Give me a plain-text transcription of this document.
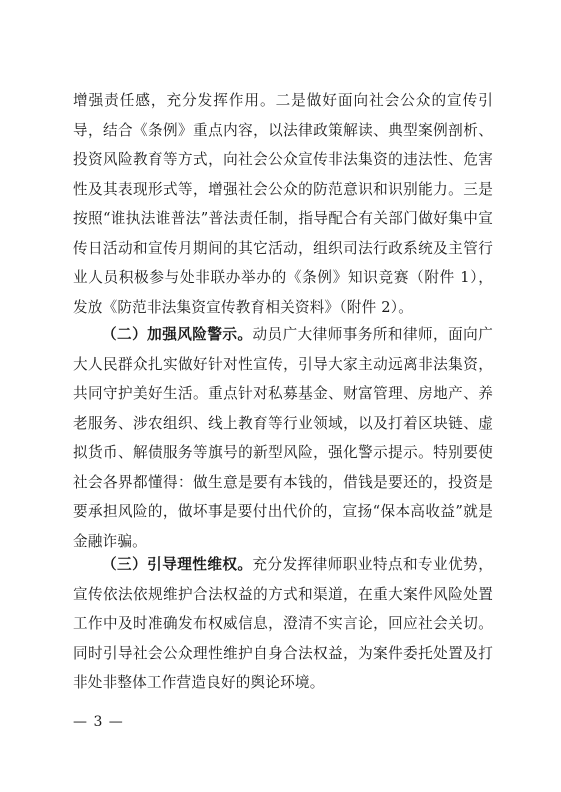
增强责任感，充分发挥作用。二是做好面向社会公众的宣传引导，结合《条例》重点内容，以法律政策解读、典型案例剖析、投资风险教育等方式，向社会公众宣传非法集资的违法性、危害性及其表现形式等，增强社会公众的防范意识和识别能力。三是按照“谁执法谁普法”普法责任制，指导配合有关部门做好集中宣传日活动和宣传月期间的其它活动，组织司法行政系统及主管行业人员积极参与处非联办举办的《条例》知识竞赛（附件 1），发放《防范非法集资宣传教育相关资料》（附件 2）。

（二）加强风险警示。动员广大律师事务所和律师，面向广大人民群众扎实做好针对性宣传，引导大家主动远离非法集资，共同守护美好生活。重点针对私募基金、财富管理、房地产、养老服务、涉农组织、线上教育等行业领域，以及打着区块链、虚拟货币、解债服务等旗号的新型风险，强化警示提示。特别要使社会各界都懂得：做生意是要有本钱的，借钱是要还的，投资是要承担风险的，做坏事是要付出代价的，宣扬“保本高收益”就是金融诈骗。

（三）引导理性维权。充分发挥律师职业特点和专业优势，宣传依法依规维护合法权益的方式和渠道，在重大案件风险处置工作中及时准确发布权威信息，澄清不实言论，回应社会关切。同时引导社会公众理性维护自身合法权益，为案件委托处置及打非处非整体工作营造良好的舆论环境。

— 3 —
